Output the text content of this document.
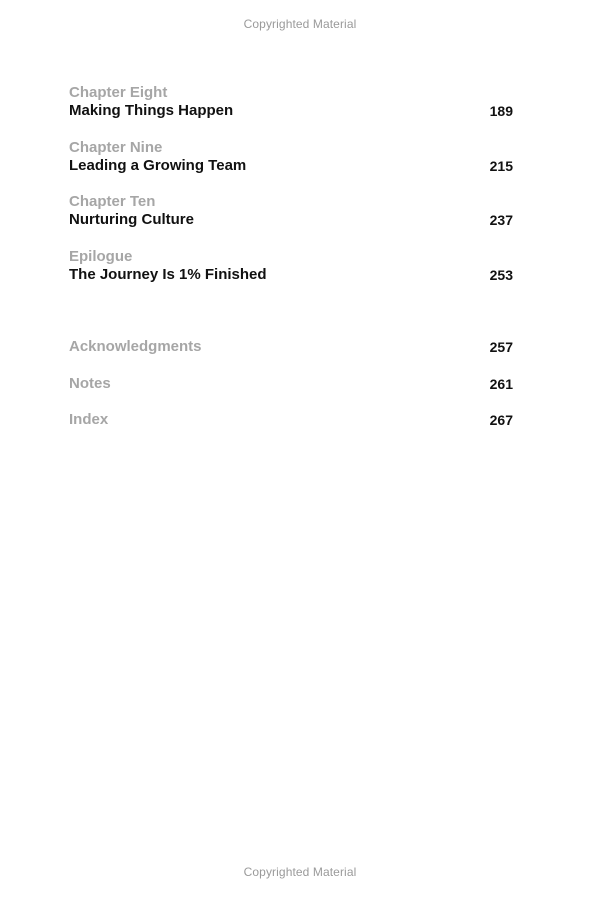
Copyrighted Material
Chapter Eight
Making Things Happen	189
Chapter Nine
Leading a Growing Team	215
Chapter Ten
Nurturing Culture	237
Epilogue
The Journey Is 1% Finished	253
Acknowledgments	257
Notes	261
Index	267
Copyrighted Material
